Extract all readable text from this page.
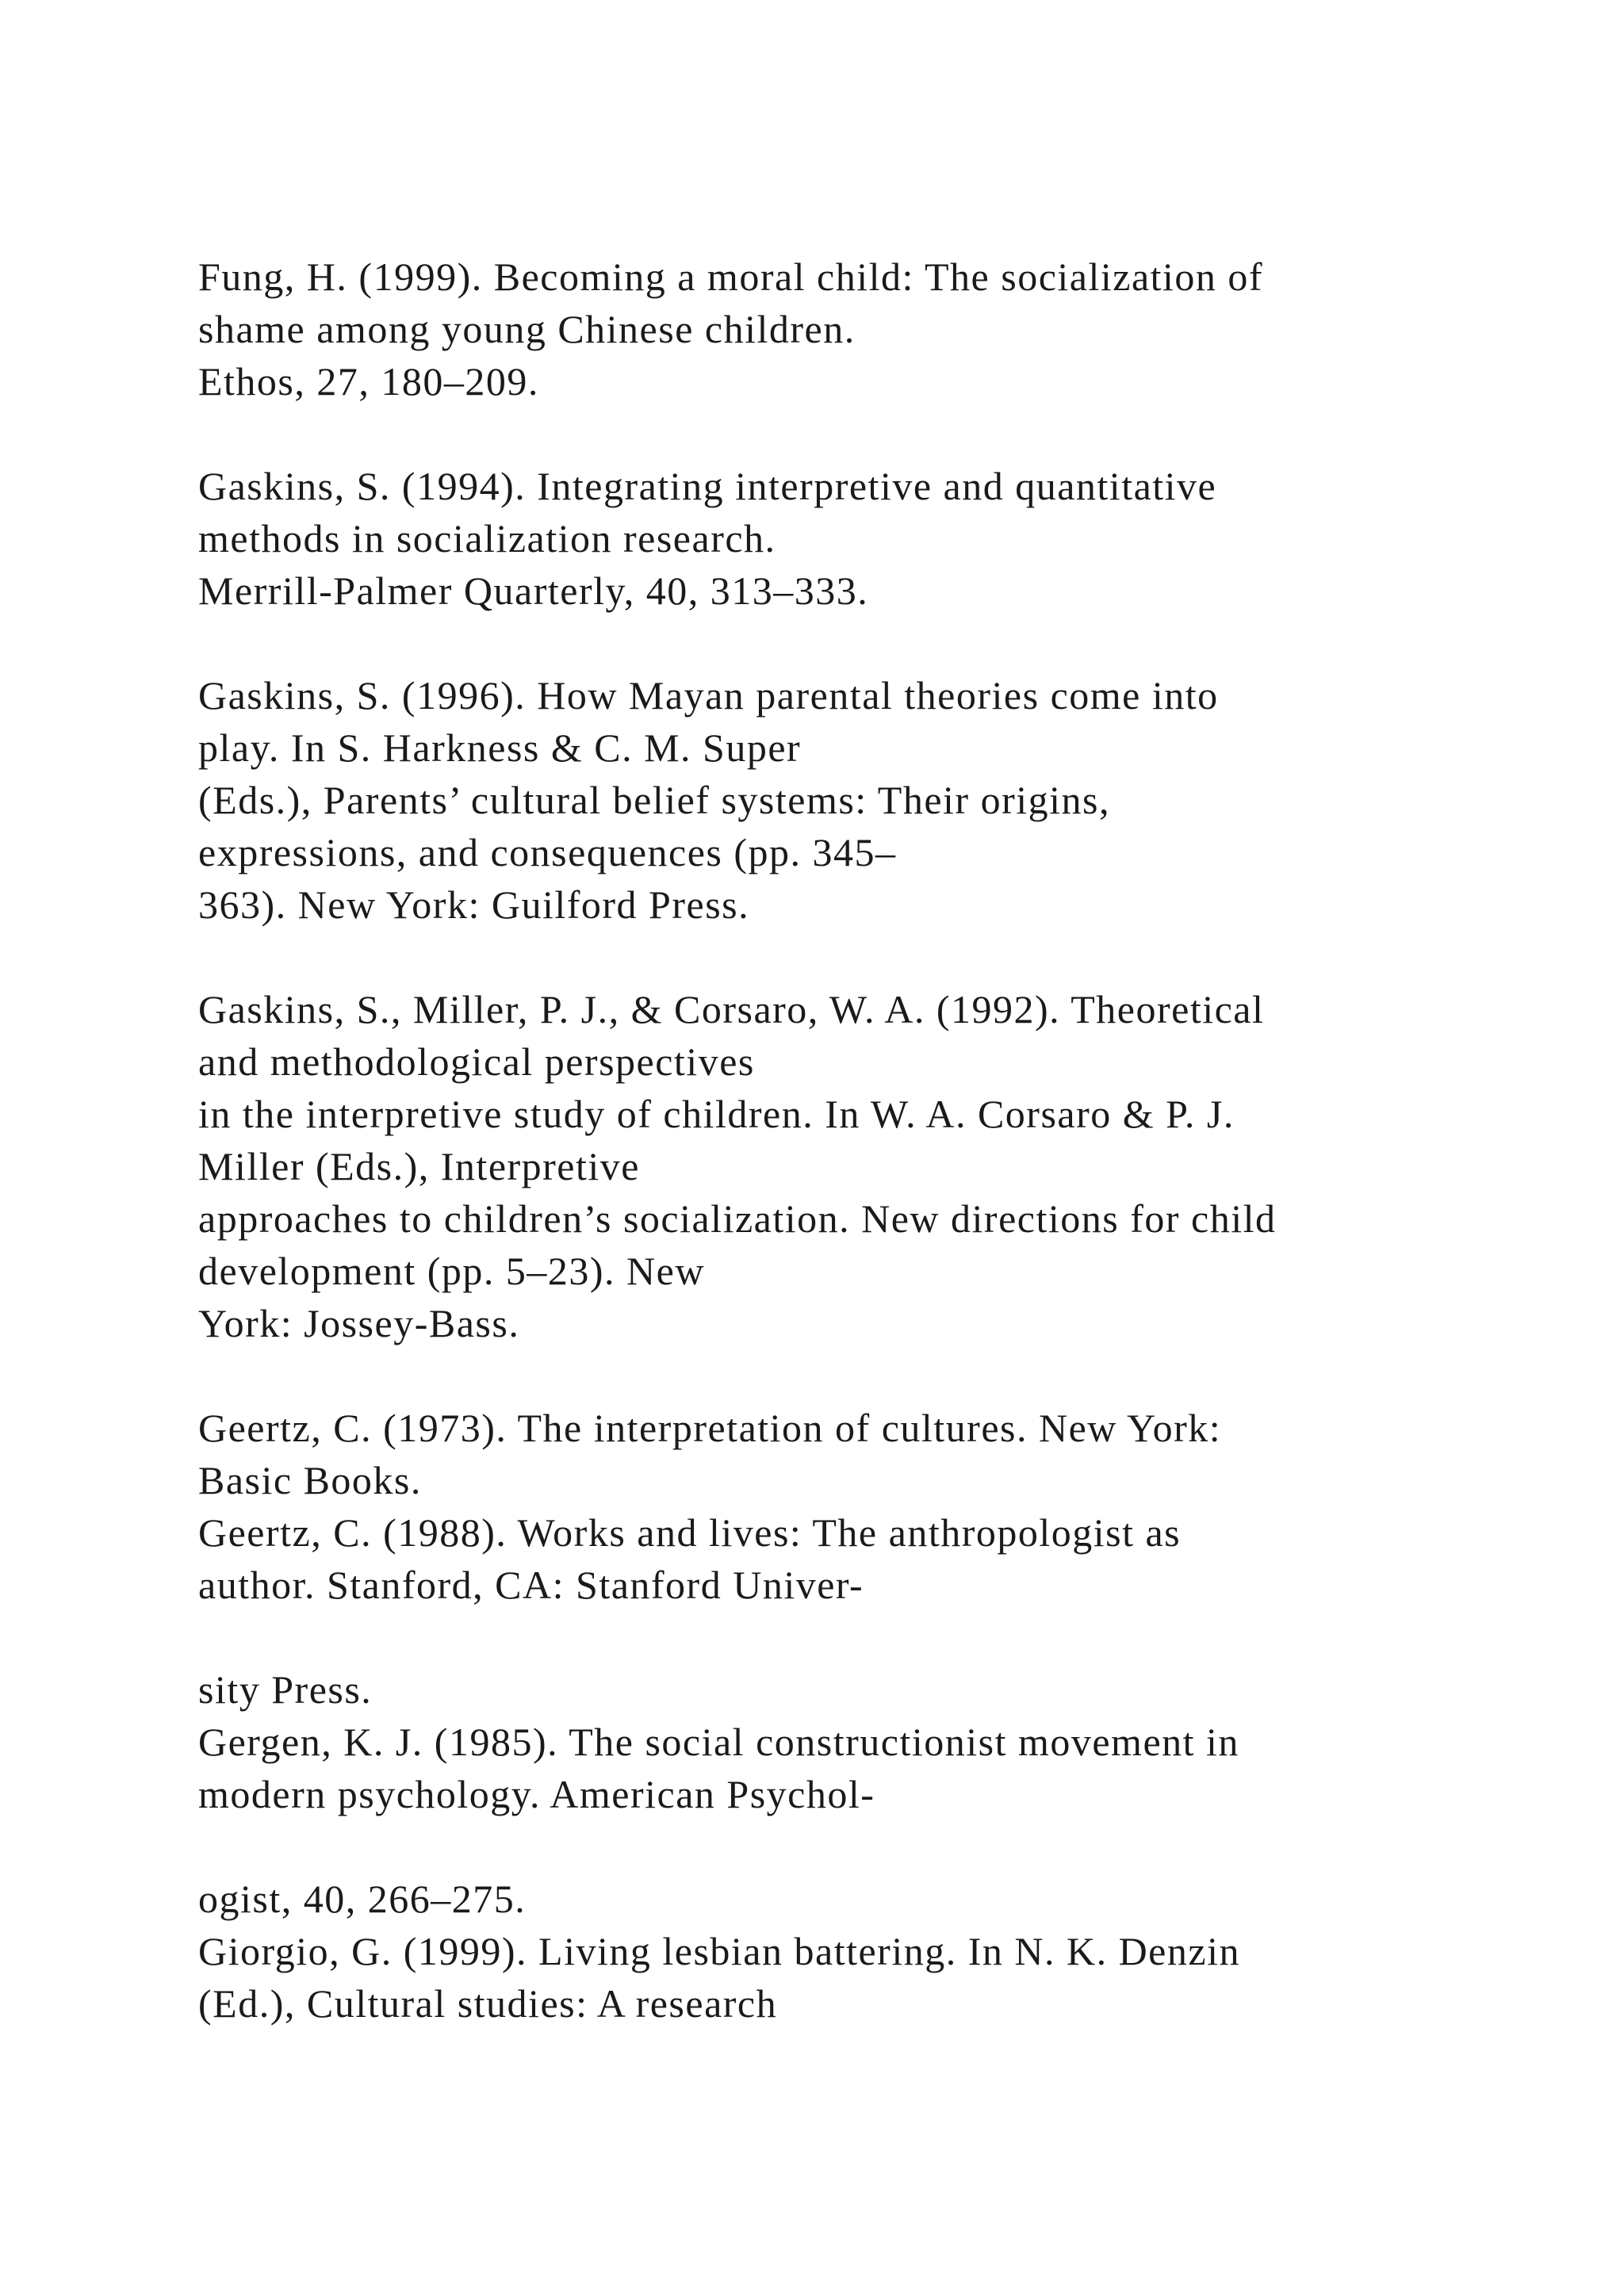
Fung, H. (1999). Becoming a moral child: The socialization of

shame among young Chinese children.

Ethos, 27, 180–209.

Gaskins, S. (1994). Integrating interpretive and quantitative

methods in socialization research.

Merrill-Palmer Quarterly, 40, 313–333.

Gaskins, S. (1996). How Mayan parental theories come into

play. In S. Harkness & C. M. Super

(Eds.), Parents’ cultural belief systems: Their origins,

expressions, and consequences (pp. 345–

363). New York: Guilford Press.

Gaskins, S., Miller, P. J., & Corsaro, W. A. (1992). Theoretical

and methodological perspectives

in the interpretive study of children. In W. A. Corsaro & P. J.

Miller (Eds.), Interpretive

approaches to children’s socialization. New directions for child

development (pp. 5–23). New

York: Jossey-Bass.

Geertz, C. (1973). The interpretation of cultures. New York:

Basic Books.

Geertz, C. (1988). Works and lives: The anthropologist as

author. Stanford, CA: Stanford Univer-

sity Press.

Gergen, K. J. (1985). The social constructionist movement in

modern psychology. American Psychol-

ogist, 40, 266–275.

Giorgio, G. (1999). Living lesbian battering. In N. K. Denzin

(Ed.), Cultural studies: A research
